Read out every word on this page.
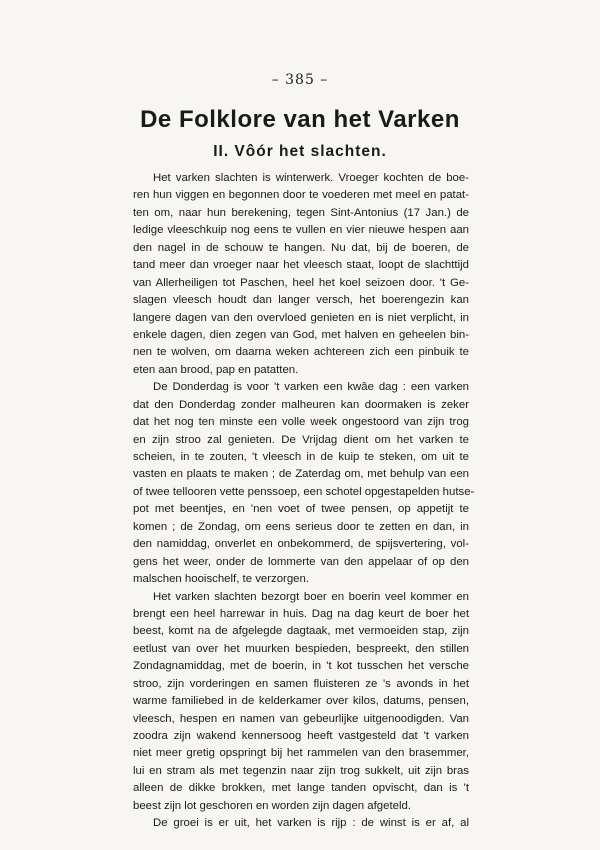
– 385 –
De Folklore van het Varken
II. Vôór het slachten.
Het varken slachten is winterwerk. Vroeger kochten de boe-
ren hun viggen en begonnen door te voederen met meel en patat-
ten om, naar hun berekening, tegen Sint-Antonius (17 Jan.) de
ledige vleeschkuip nog eens te vullen en vier nieuwe hespen aan
den nagel in de schouw te hangen. Nu dat, bij de boeren, de
tand meer dan vroeger naar het vleesch staat, loopt de slachttijd
van Allerheiligen tot Paschen, heel het koel seizoen door. 't Ge-
slagen vleesch houdt dan langer versch, het boerengezin kan
langere dagen van den overvloed genieten en is niet verplicht, in
enkele dagen, dien zegen van God, met halven en geheelen bin-
nen te wolven, om daarna weken achtereen zich een pinbuik te
eten aan brood, pap en patatten.
De Donderdag is voor 't varken een kwâe dag : een varken
dat den Donderdag zonder malheuren kan doormaken is zeker
dat het nog ten minste een volle week ongestoord van zijn trog
en zijn stroo zal genieten. De Vrijdag dient om het varken te
scheien, in te zouten, 't vleesch in de kuip te steken, om uit te
vasten en plaats te maken ; de Zaterdag om, met behulp van een
of twee tellooren vette penssoep, een schotel opgestapelden hutse-
pot met beentjes, en 'nen voet of twee pensen, op appetijt te
komen ; de Zondag, om eens serieus door te zetten en dan, in
den namiddag, onverlet en onbekommerd, de spijsvertering, vol-
gens het weer, onder de lommerte van den appelaar of op den
malschen hooischelf, te verzorgen.
Het varken slachten bezorgt boer en boerin veel kommer en
brengt een heel harrewar in huis. Dag na dag keurt de boer het
beest, komt na de afgelegde dagtaak, met vermoeiden stap, zijn
eetlust van over het muurken bespieden, bespreekt, den stillen
Zondagnamiddag, met de boerin, in 't kot tusschen het versche
stroo, zijn vorderingen en samen fluisteren ze 's avonds in het
warme familiebed in de kelderkamer over kilos, datums, pensen,
vleesch, hespen en namen van gebeurlijke uitgenoodigden. Van
zoodra zijn wakend kennersoog heeft vastgesteld dat 't varken
niet meer gretig opspringt bij het rammelen van den brasemmer,
lui en stram als met tegenzin naar zijn trog sukkelt, uit zijn bras
alleen de dikke brokken, met lange tanden opvischt, dan is 't
beest zijn lot geschoren en worden zijn dagen afgeteld.
De groei is er uit, het varken is rijp : de winst is er af, al
